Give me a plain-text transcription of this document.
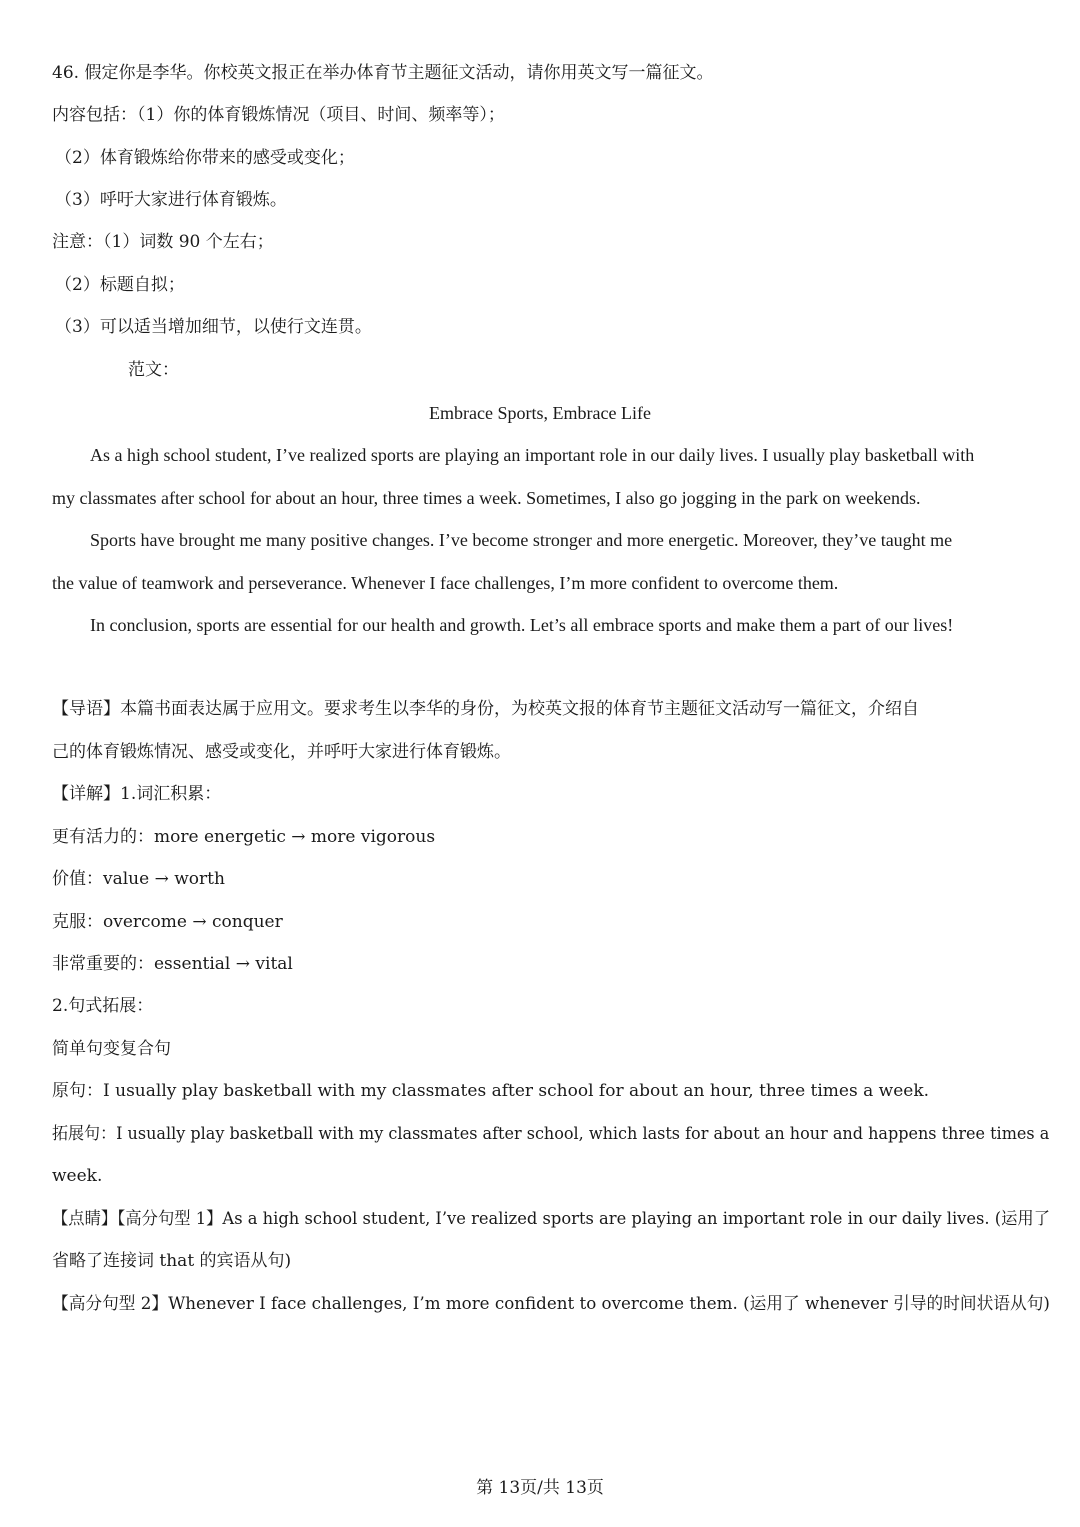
46. 假定你是李华。你校英文报正在举办体育节主题征文活动，请你用英文写一篇征文。
内容包括：（1）你的体育锻炼情况（项目、时间、频率等）；
（2）体育锻炼给你带来的感受或变化；
（3）呼吁大家进行体育锻炼。
注意：（1）词数 90 个左右；
（2）标题自拟；
（3）可以适当增加细节，以使行文连贯。
范文：
Embrace Sports, Embrace Life
As a high school student, I’ve realized sports are playing an important role in our daily lives. I usually play basketball with
my classmates after school for about an hour, three times a week. Sometimes, I also go jogging in the park on weekends.
Sports have brought me many positive changes. I’ve become stronger and more energetic. Moreover, they’ve taught me
the value of teamwork and perseverance. Whenever I face challenges, I’m more confident to overcome them.
In conclusion, sports are essential for our health and growth. Let’s all embrace sports and make them a part of our lives!
【导语】本篇书面表达属于应用文。要求考生以李华的身份，为校英文报的体育节主题征文活动写一篇征文，介绍自
己的体育锻炼情况、感受或变化，并呼吁大家进行体育锻炼。
【详解】1.词汇积累：
更有活力的：more energetic → more vigorous
价值：value → worth
克服：overcome → conquer
非常重要的：essential → vital
2.句式拓展：
简单句变复合句
原句：I usually play basketball with my classmates after school for about an hour, three times a week.
拓展句：I usually play basketball with my classmates after school, which lasts for about an hour and happens three times a
week.
【点睛】【高分句型 1】As a high school student, I’ve realized sports are playing an important role in our daily lives. (运用了
省略了连接词 that 的宾语从句)
【高分句型 2】Whenever I face challenges, I’m more confident to overcome them. (运用了 whenever 引导的时间状语从句)
第 13页/共 13页
